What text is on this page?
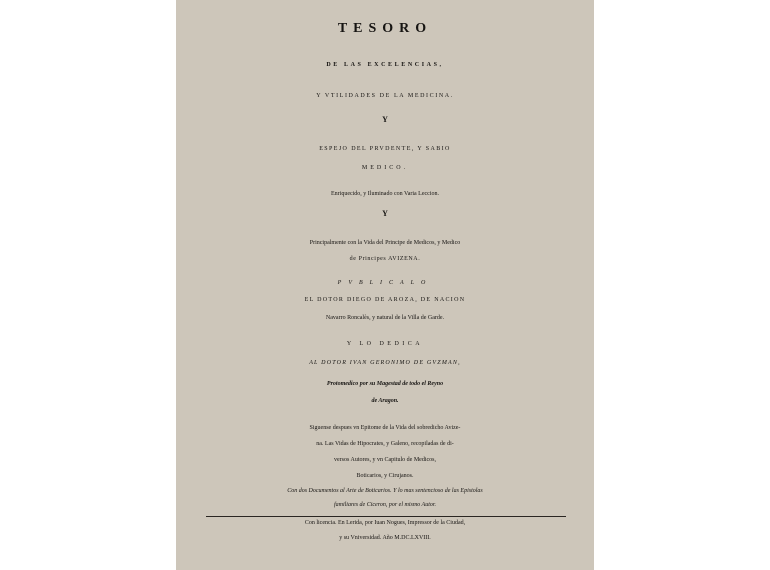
TESORO
DE LAS EXCELENCIAS,
Y VTILIDADES DE LA MEDICINA.
Y
ESPEJO DEL PRVDENTE, Y SABIO
MEDICO.
Enriquecido, y Iluminado con Varia Leccion.
Y
Principalmente con la Vida del Principe de Medicos, y Medico
de Principes AVIZENA.
PVBLICALO
EL DOTOR DIEGO DE AROZA, DE NACION
Navarro Roncalès, y natural de la Villa de Garde.
Y LO DEDICA
AL DOTOR IVAN GERONIMO DE GVZMAN,
Protomedico por su Magestad de todo el Reyno
de Aragon.
Siguense despues vn Epitome de la Vida del sobredicho Avize-
na. Las Vidas de Hipocrates, y Galeno, recopiladas de di-
versos Autores, y vn Capitulo de Medicos,
Boticarios, y Cirujanos.
Con dos Documentos al Arte de Boticarios. Y lo mas sentencioso de las Epistolas
familiares de Ciceron, por el mismo Autor.
Con licencia. En Lerida, por Iuan Nogues, Impressor de la Ciudad,
y su Vniversidad. Año M.DC.LXVIII.
